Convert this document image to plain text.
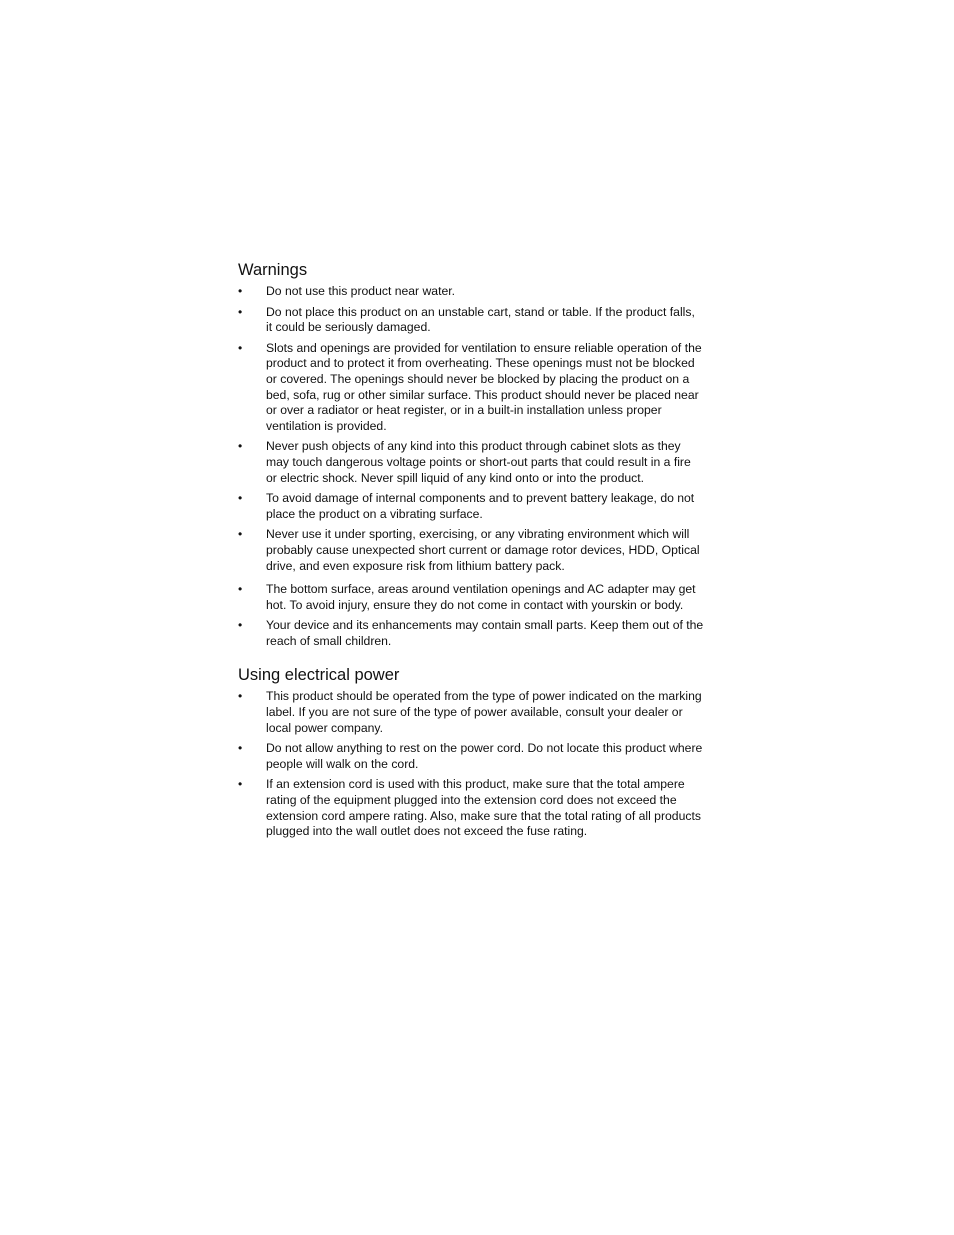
Warnings
•	Do not use this product near water.
•	Do not place this product on an unstable cart, stand or table. If the product falls, it could be seriously damaged.
•	Slots and openings are provided for ventilation to ensure reliable operation of the product and to protect it from overheating. These openings must not be blocked or covered. The openings should never be blocked by placing the product on a bed, sofa, rug or other similar surface. This product should never be placed near or over a radiator or heat register, or in a built-in installation unless proper ventilation is provided.
•	Never push objects of any kind into this product through cabinet slots as they may touch dangerous voltage points or short-out parts that could result in a fire or electric shock. Never spill liquid of any kind onto or into the product.
•	To avoid damage of internal components and to prevent battery leakage, do not place the product on a vibrating surface.
•	Never use it under sporting, exercising, or any vibrating environment which will probably cause unexpected short current or damage rotor devices, HDD, Optical drive, and even exposure risk from lithium battery pack.
•	The bottom surface, areas around ventilation openings and AC adapter may get hot. To avoid injury, ensure they do not come in contact with yourskin or body.
•	Your device and its enhancements may contain small parts. Keep them out of the reach of small children.
Using electrical power
•	This product should be operated from the type of power indicated on the marking label. If you are not sure of the type of power available, consult your dealer or local power company.
•	Do not allow anything to rest on the power cord. Do not locate this product where people will walk on the cord.
•	If an extension cord is used with this product, make sure that the total ampere rating of the equipment plugged into the extension cord does not exceed the extension cord ampere rating. Also, make sure that the total rating of all products plugged into the wall outlet does not exceed the fuse rating.
